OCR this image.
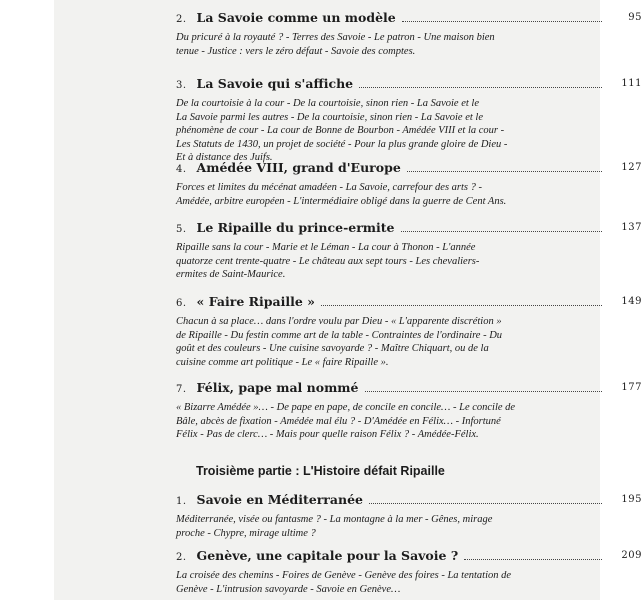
2. La Savoie comme un modèle	95
Du pricuré à la royauté ? - Terres des Savoie - Le patron - Une maison bien
tenue - Justice : vers le zéro défaut - Savoie des comptes.
3. La Savoie qui s'affiche	111
De la courtoisie à la cour - De la courtoisie, sinon rien - La Savoie et le
La Savoie parmi les autres - De la courtoisie, sinon rien - La Savoie et le
phénomène de cour - La cour de Bonne de Bourbon - Amédée VIII et la cour -
Les Statuts de 1430, un projet de société - Pour la plus grande gloire de Dieu -
Et à distance des Juifs.
4. Amédée VIII, grand d'Europe	127
Forces et limites du mécénat amadéen - La Savoie, carrefour des arts ? -
Amédée, arbitre européen - L'intermédiaire obligé dans la guerre de Cent Ans.
5. Le Ripaille du prince-ermite	137
Ripaille sans la cour - Marie et le Léman - La cour à Thonon - L'année
quatorze cent trente-quatre - Le château aux sept tours - Les chevaliers-
ermites de Saint-Maurice.
6. « Faire Ripaille »	149
Chacun à sa place… dans l'ordre voulu par Dieu - « L'apparente discrétion »
de Ripaille - Du festin comme art de la table - Contraintes de l'ordinaire - Du
goût et des couleurs - Une cuisine savoyarde ? - Maître Chiquart, ou de la
cuisine comme art politique - Le « faire Ripaille ».
7. Félix, pape mal nommé	177
« Bizarre Amédée »… - De pape en pape, de concile en concile… - Le concile de
Bâle, abcès de fixation - Amédée mal élu ? - D'Amédée en Félix… - Infortuné
Félix - Pas de clerc… - Mais pour quelle raison Félix ? - Amédée-Félix.
1. Savoie en Méditerranée	195
Méditerranée, visée ou fantasme ? - La montagne à la mer - Gênes, mirage
proche - Chypre, mirage ultime ?
2. Genève, une capitale pour la Savoie ?	209
La croisée des chemins - Foires de Genève - Genève des foires - La tentation de
Genève - L'intrusion savoyarde - Savoie en Genève…
Troisième partie : L'Histoire défait Ripaille
